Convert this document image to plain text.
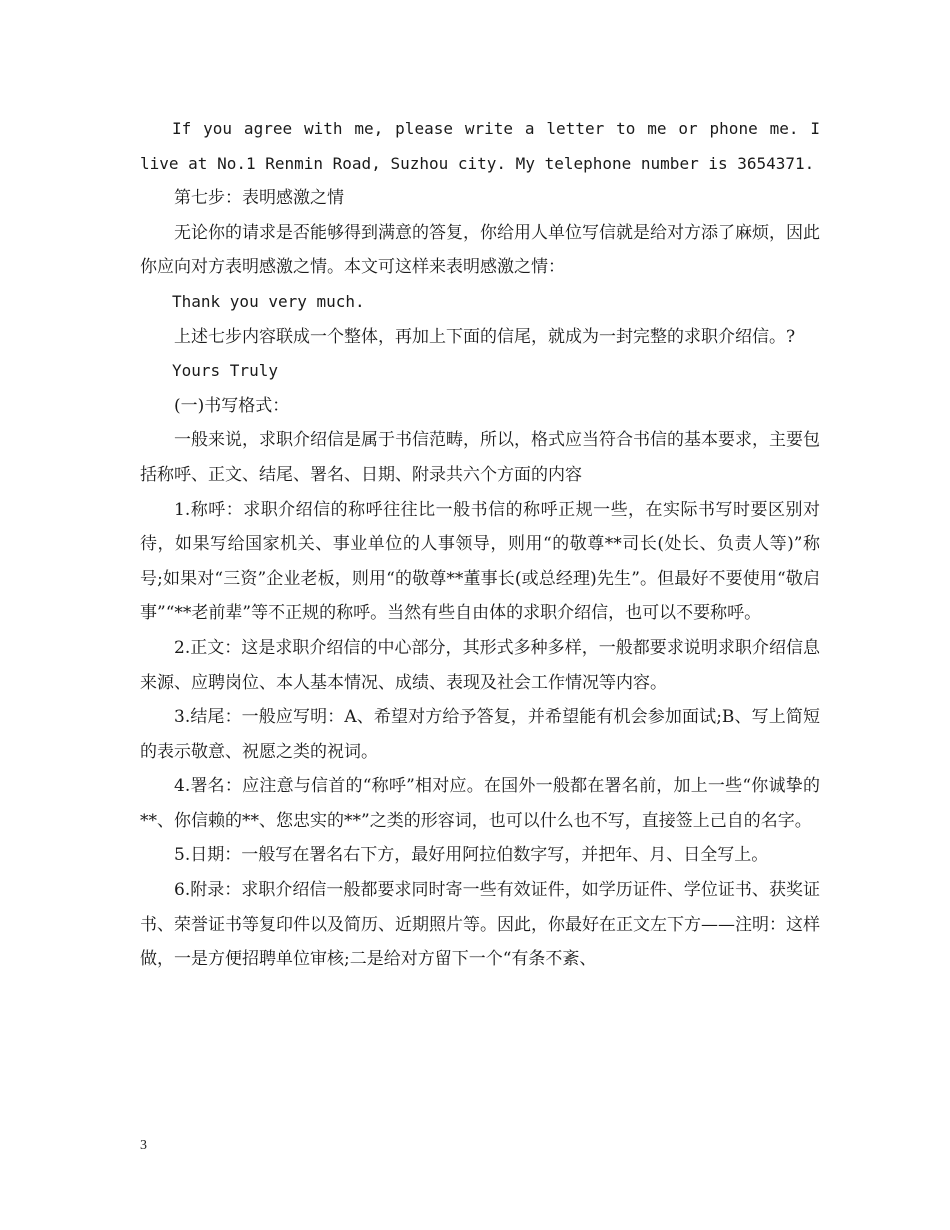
If you agree with me, please write a letter to me or phone me. I live at No.1 Renmin Road, Suzhou city. My telephone number is 3654371.

第七步：表明感激之情

无论你的请求是否能够得到满意的答复，你给用人单位写信就是给对方添了麻烦，因此你应向对方表明感激之情。本文可这样来表明感激之情：

Thank you very much.

上述七步内容联成一个整体，再加上下面的信尾，就成为一封完整的求职介绍信。?

Yours Truly

(一)书写格式：

一般来说，求职介绍信是属于书信范畴，所以，格式应当符合书信的基本要求，主要包括称呼、正文、结尾、署名、日期、附录共六个方面的内容

1.称呼：求职介绍信的称呼往往比一般书信的称呼正规一些，在实际书写时要区别对待，如果写给国家机关、事业单位的人事领导，则用“的敬尊**司长(处长、负责人等)”称号;如果对“三资”企业老板，则用“的敬尊**董事长(或总经理)先生”。但最好不要使用“敬启事”“**老前辈”等不正规的称呼。当然有些自由体的求职介绍信，也可以不要称呼。

2.正文：这是求职介绍信的中心部分，其形式多种多样，一般都要求说明求职介绍信息来源、应聘岗位、本人基本情况、成绩、表现及社会工作情况等内容。

3.结尾：一般应写明：A、希望对方给予答复，并希望能有机会参加面试;B、写上简短的表示敬意、祝愿之类的祝词。

4.署名：应注意与信首的“称呼”相对应。在国外一般都在署名前，加上一些“你诚挚的**、你信赖的**、您忠实的**”之类的形容词，也可以什么也不写，直接签上己自的名字。

5.日期：一般写在署名右下方，最好用阿拉伯数字写，并把年、月、日全写上。

6.附录：求职介绍信一般都要求同时寄一些有效证件，如学历证件、学位证书、获奖证书、荣誉证书等复印件以及简历、近期照片等。因此，你最好在正文左下方——注明：这样做，一是方便招聘单位审核;二是给对方留下一个“有条不紊、

3
